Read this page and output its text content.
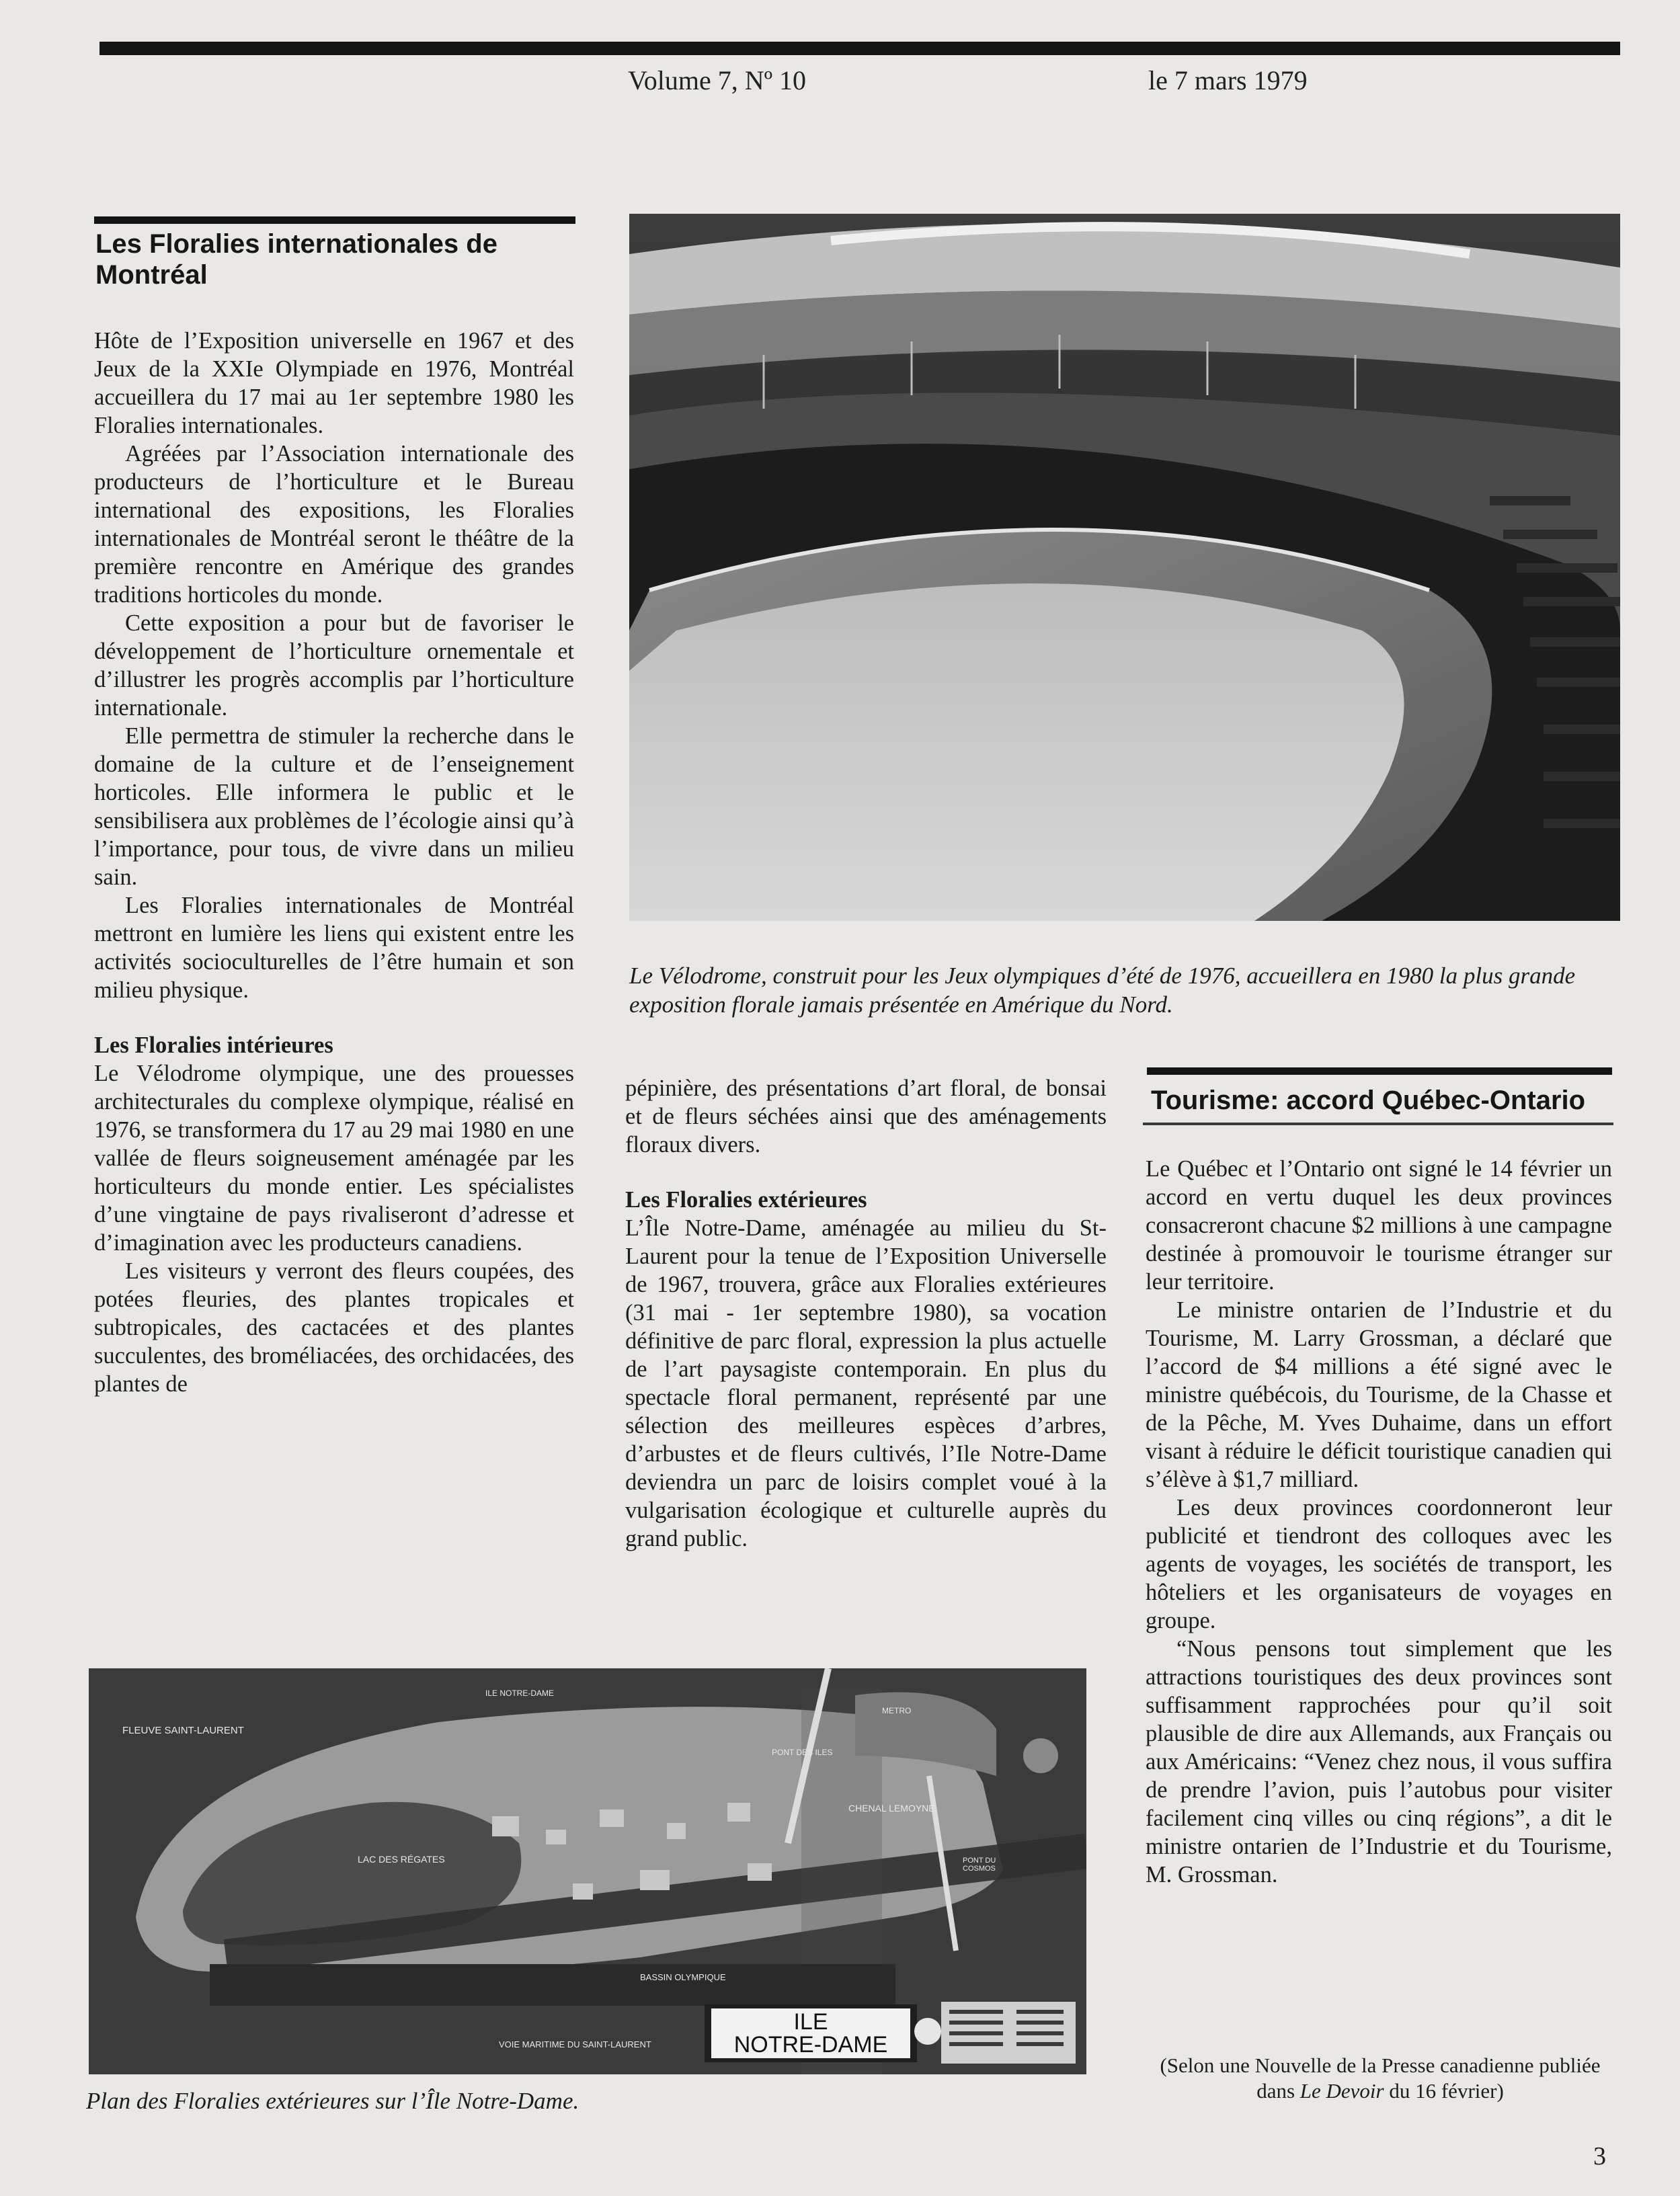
Volume 7, Nº 10	le 7 mars 1979
Les Floralies internationales de Montréal

Hôte de l’Exposition universelle en 1967 et des Jeux de la XXIe Olympiade en 1976, Montréal accueillera du 17 mai au 1er septembre 1980 les Floralies internationales.

Agréées par l’Association internationale des producteurs de l’horticulture et le Bureau international des expositions, les Floralies internationales de Montréal seront le théâtre de la première rencontre en Amérique des grandes traditions horticoles du monde.

Cette exposition a pour but de favoriser le développement de l’horticulture ornementale et d’illustrer les progrès accomplis par l’horticulture internationale.

Elle permettra de stimuler la recherche dans le domaine de la culture et de l’enseignement horticoles. Elle informera le public et le sensibilisera aux problèmes de l’écologie ainsi qu’à l’importance, pour tous, de vivre dans un milieu sain.

Les Floralies internationales de Montréal mettront en lumière les liens qui existent entre les activités socioculturelles de l’être humain et son milieu physique.

Les Floralies intérieures

Le Vélodrome olympique, une des prouesses architecturales du complexe olympique, réalisé en 1976, se transformera du 17 au 29 mai 1980 en une vallée de fleurs soigneusement aménagée par les horticulteurs du monde entier. Les spécialistes d’une vingtaine de pays rivaliseront d’adresse et d’imagination avec les producteurs canadiens.

Les visiteurs y verront des fleurs coupées, des potées fleuries, des plantes tropicales et subtropicales, des cactacées et des plantes succulentes, des broméliacées, des orchidacées, des plantes de

Le Vélodrome, construit pour les Jeux olympiques d’été de 1976, accueillera en 1980 la plus grande exposition florale jamais présentée en Amérique du Nord.

pépinière, des présentations d’art floral, de bonsai et de fleurs séchées ainsi que des aménagements floraux divers.

Les Floralies extérieures

L’Île Notre-Dame, aménagée au milieu du St-Laurent pour la tenue de l’Exposition Universelle de 1967, trouvera, grâce aux Floralies extérieures (31 mai - 1er septembre 1980), sa vocation définitive de parc floral, expression la plus actuelle de l’art paysagiste contemporain. En plus du spectacle floral permanent, représenté par une sélection des meilleures espèces d’arbres, d’arbustes et de fleurs cultivés, l’Ile Notre-Dame deviendra un parc de loisirs complet voué à la vulgarisation écologique et culturelle auprès du grand public.

Tourisme: accord Québec-Ontario

Le Québec et l’Ontario ont signé le 14 février un accord en vertu duquel les deux provinces consacreront chacune $2 millions à une campagne destinée à promouvoir le tourisme étranger sur leur territoire.

Le ministre ontarien de l’Industrie et du Tourisme, M. Larry Grossman, a déclaré que l’accord de $4 millions a été signé avec le ministre québécois, du Tourisme, de la Chasse et de la Pêche, M. Yves Duhaime, dans un effort visant à réduire le déficit touristique canadien qui s’élève à $1,7 milliard.

Les deux provinces coordonneront leur publicité et tiendront des colloques avec les agents de voyages, les sociétés de transport, les hôteliers et les organisateurs de voyages en groupe.

“Nous pensons tout simplement que les attractions touristiques des deux provinces sont suffisamment rapprochées pour qu’il soit plausible de dire aux Allemands, aux Français ou aux Américains: “Venez chez nous, il vous suffira de prendre l’avion, puis l’autobus pour visiter facilement cinq villes ou cinq régions”, a dit le ministre ontarien de l’Industrie et du Tourisme, M. Grossman.

(Selon une Nouvelle de la Presse canadienne publiée dans Le Devoir du 16 février)
FLEUVE SAINT-LAURENT
ILE NOTRE-DAME
PONT DES ILES
METRO
CHENAL LEMOYNE
PONT DU COSMOS
LAC DES RÉGATES
BASSIN OLYMPIQUE
VOIE MARITIME DU SAINT-LAURENT
ILE
NOTRE-DAME
Plan des Floralies extérieures sur l’Île Notre-Dame.
3
